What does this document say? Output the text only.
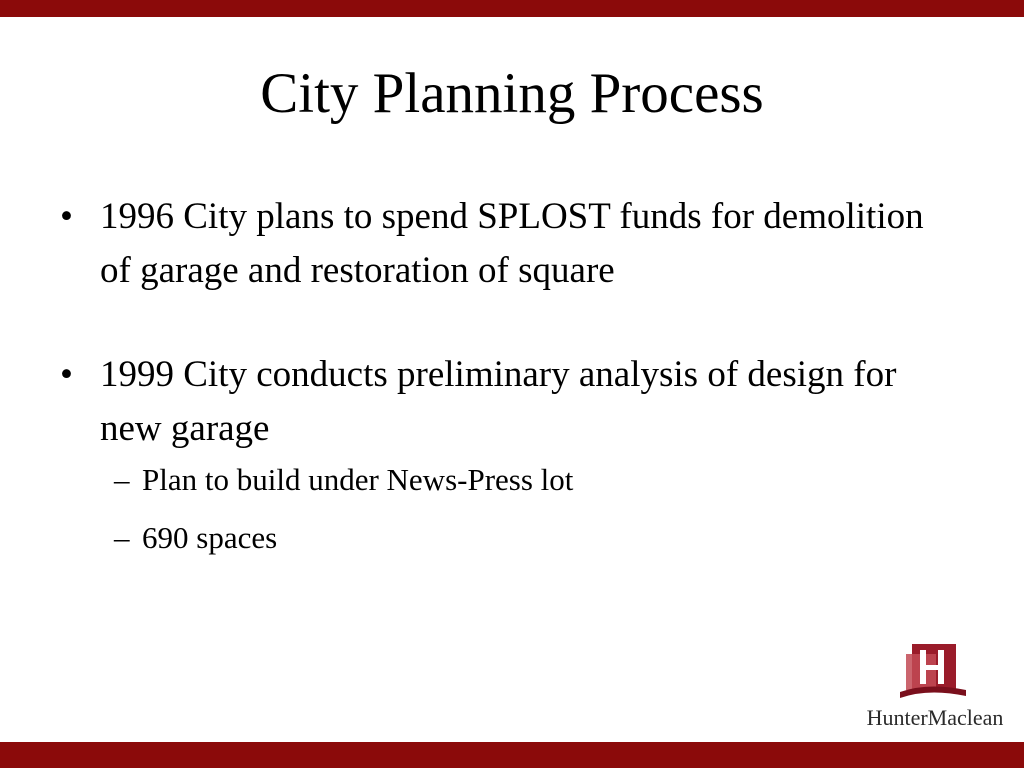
City Planning Process
• 1996 City plans to spend SPLOST funds for demolition of garage and restoration of square
• 1999 City conducts preliminary analysis of design for new garage
– Plan to build under News-Press lot
– 690 spaces
HunterMaclean
